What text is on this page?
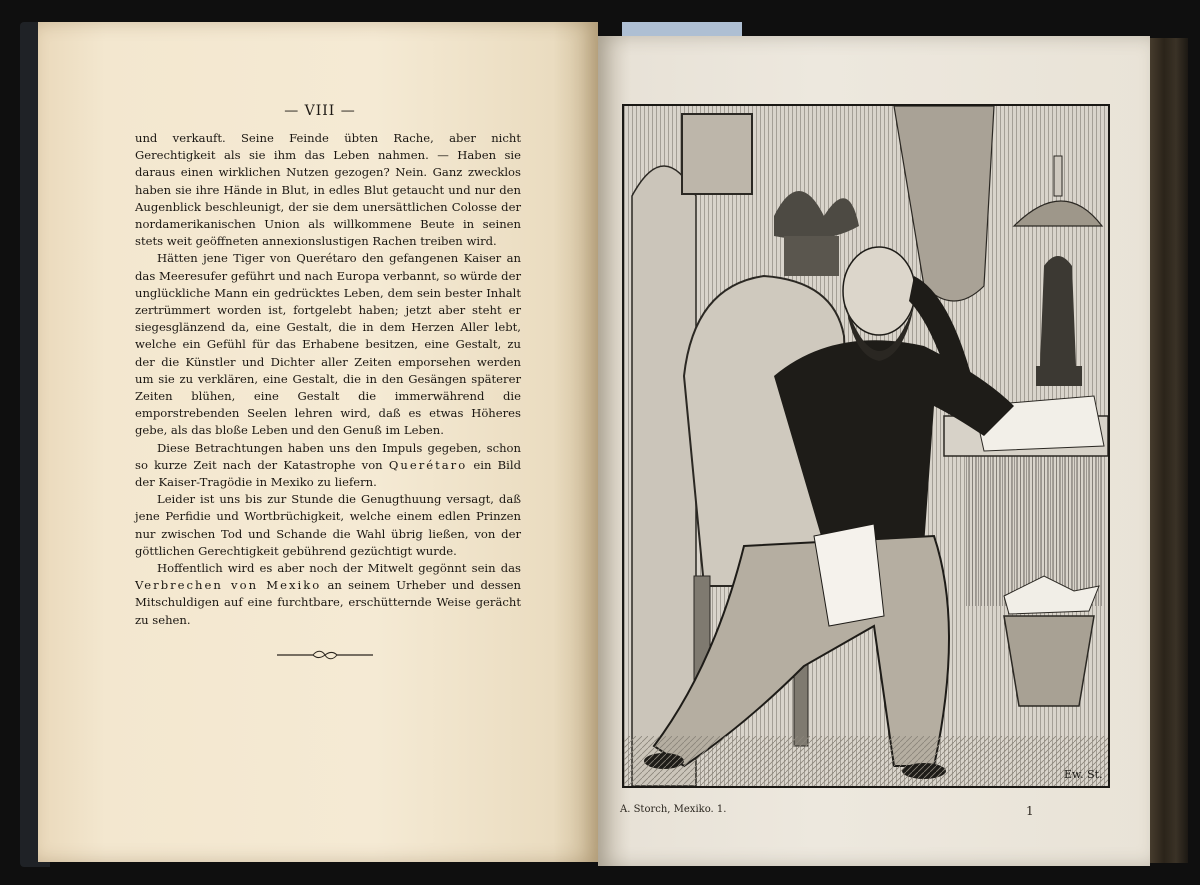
— VIII —

und verkauft. Seine Feinde übten Rache, aber nicht Gerechtigkeit als sie ihm das Leben nahmen. — Haben sie daraus einen wirklichen Nutzen gezogen? Nein. Ganz zwecklos haben sie ihre Hände in Blut, in edles Blut getaucht und nur den Augenblick beschleunigt, der sie dem unersättlichen Colosse der nordamerikanischen Union als willkommene Beute in seinen stets weit geöffneten annexionslustigen Rachen treiben wird.

Hätten jene Tiger von Querétaro den gefangenen Kaiser an das Meeresufer geführt und nach Europa verbannt, so würde der unglückliche Mann ein gedrücktes Leben, dem sein bester Inhalt zertrümmert worden ist, fortgelebt haben; jetzt aber steht er siegesglänzend da, eine Gestalt, die in dem Herzen Aller lebt, welche ein Gefühl für das Erhabene besitzen, eine Gestalt, zu der die Künstler und Dichter aller Zeiten emporsehen werden um sie zu verklären, eine Gestalt, die in den Gesängen späterer Zeiten blühen, eine Gestalt die immerwährend die emporstrebenden Seelen lehren wird, daß es etwas Höheres gebe, als das bloße Leben und den Genuß im Leben.

Diese Betrachtungen haben uns den Impuls gegeben, schon so kurze Zeit nach der Katastrophe von Querétaro ein Bild der Kaiser-Tragödie in Mexiko zu liefern.

Leider ist uns bis zur Stunde die Genugthuung versagt, daß jene Perfidie und Wortbrüchigkeit, welche einem edlen Prinzen nur zwischen Tod und Schande die Wahl übrig ließen, von der göttlichen Gerechtigkeit gebührend gezüchtigt wurde.

Hoffentlich wird es aber noch der Mitwelt gegönnt sein das Verbrechen von Mexiko an seinem Urheber und dessen Mitschuldigen auf eine furchtbare, erschütternde Weise gerächt zu sehen.

Ew. St.
A. Storch, Mexiko. 1.	1
